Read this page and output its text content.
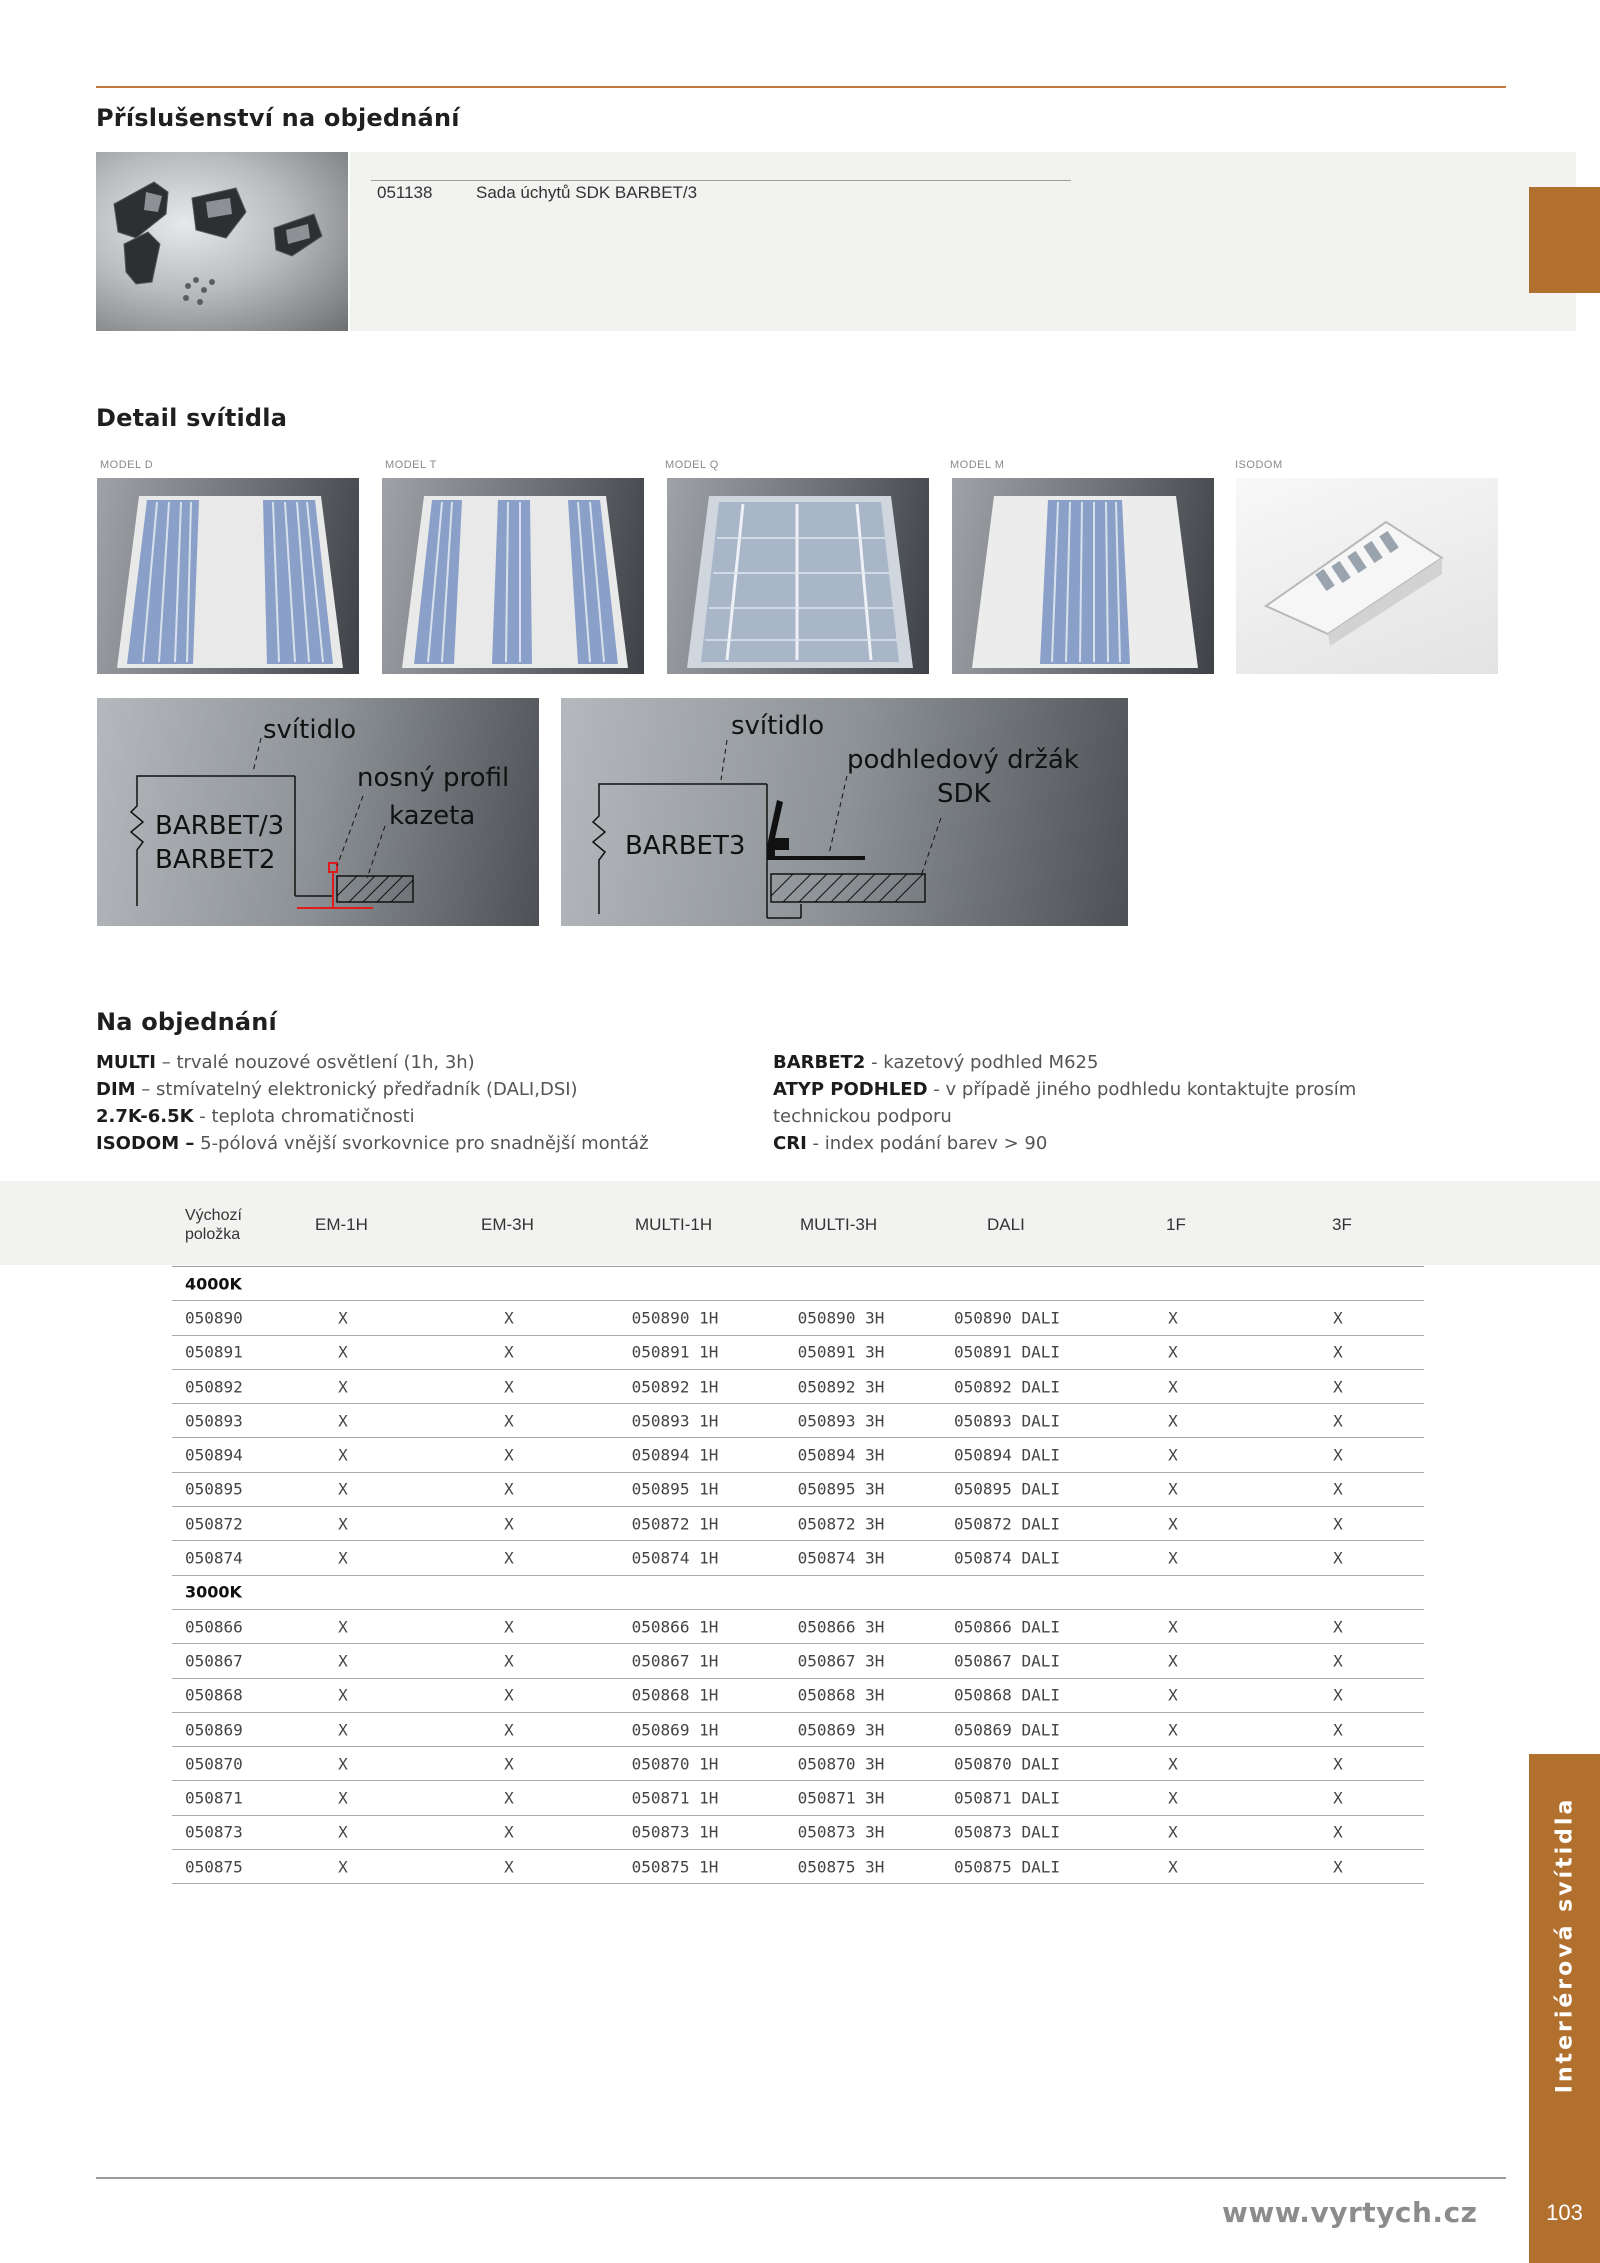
Příslušenství na objednání
051138	Sada úchytů SDK BARBET/3
Detail svítidla
MODEL D	MODEL T	MODEL Q	MODEL M	ISODOM
svítidlo
nosný profil
kazeta
BARBET/3
BARBET2
svítidlo
podhledový držák
SDK
BARBET3
Na objednání
MULTI – trvalé nouzové osvětlení (1h, 3h)
DIM – stmívatelný elektronický předřadník (DALI,DSI)
2.7K-6.5K - teplota chromatičnosti
ISODOM – 5-pólová vnější svorkovnice pro snadnější montáž
BARBET2 - kazetový podhled M625
ATYP PODHLED - v případě jiného podhledu kontaktujte prosím
technickou podporu
CRI - index podání barev > 90
Výchozí
položka
EM-1H	EM-3H	MULTI-1H	MULTI-3H	DALI	1F	3F
4000K
050890	X	X	050890 1H	050890 3H	050890 DALI	X	X
050891	X	X	050891 1H	050891 3H	050891 DALI	X	X
050892	X	X	050892 1H	050892 3H	050892 DALI	X	X
050893	X	X	050893 1H	050893 3H	050893 DALI	X	X
050894	X	X	050894 1H	050894 3H	050894 DALI	X	X
050895	X	X	050895 1H	050895 3H	050895 DALI	X	X
050872	X	X	050872 1H	050872 3H	050872 DALI	X	X
050874	X	X	050874 1H	050874 3H	050874 DALI	X	X
3000K
050866	X	X	050866 1H	050866 3H	050866 DALI	X	X
050867	X	X	050867 1H	050867 3H	050867 DALI	X	X
050868	X	X	050868 1H	050868 3H	050868 DALI	X	X
050869	X	X	050869 1H	050869 3H	050869 DALI	X	X
050870	X	X	050870 1H	050870 3H	050870 DALI	X	X
050871	X	X	050871 1H	050871 3H	050871 DALI	X	X
050873	X	X	050873 1H	050873 3H	050873 DALI	X	X
050875	X	X	050875 1H	050875 3H	050875 DALI	X	X	Interiérová svítidla
103
www.vyrtych.cz
